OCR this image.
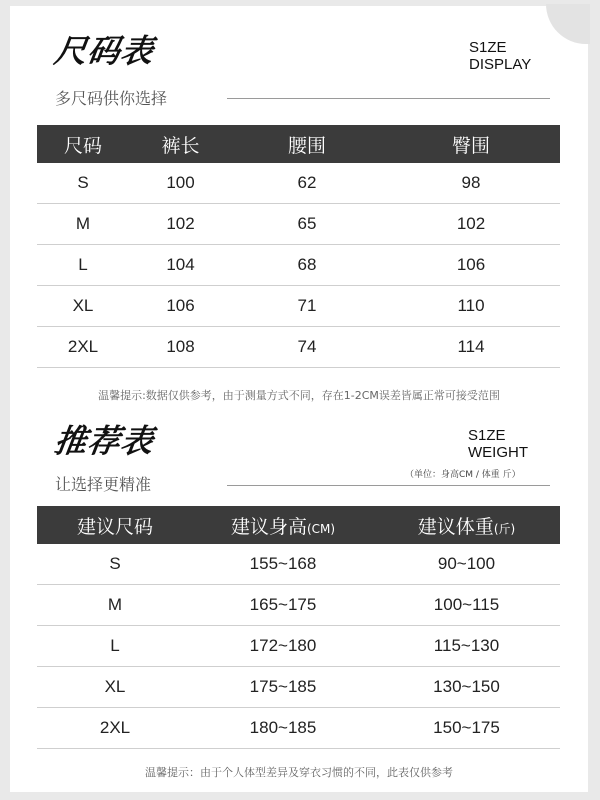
尺码表
多尺码供你选择
S1ZE
DISPLAY
尺码	裤长	腰围	臀围
S	100	62	98
M	102	65	102
L	104	68	106
XL	106	71	110
2XL	108	74	114
温馨提示:数据仅供参考，由于测量方式不同，存在1-2CM误差皆属正常可接受范围
推荐表
让选择更精准
S1ZE
WEIGHT
（单位：身高CM / 体重 斤）
建议尺码	建议身高(CM)	建议体重(斤)
S	155~168	90~100
M	165~175	100~115
L	172~180	115~130
XL	175~185	130~150
2XL	180~185	150~175
温馨提示：由于个人体型差异及穿衣习惯的不同，此表仅供参考
